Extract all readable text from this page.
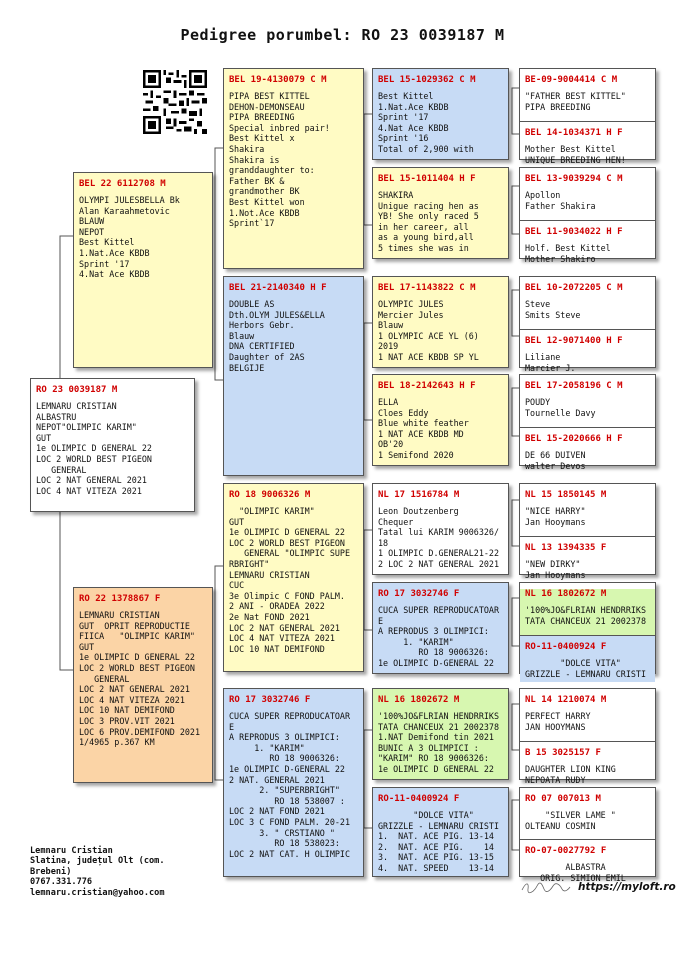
Pedigree porumbel: RO 23 0039187 M
RO 23 0039187 M
LEMNARU CRISTIAN
ALBASTRU
NEPOT"OLIMPIC KARIM"
GUT
1e OLIMPIC D GENERAL 22
LOC 2 WORLD BEST PIGEON
GENERAL
LOC 2 NAT GENERAL 2021
LOC 4 NAT VITEZA 2021
BEL 22 6112708 M
OLYMPI JULESBELLA Bk
Alan Karaahmetovic
BLAUW
NEPOT
Best Kittel
1.Nat.Ace KBDB
Sprint '17
4.Nat Ace KBDB
RO 22 1378867 F
LEMNARU CRISTIAN
GUT  OPRIT REPRODUCTIE
FIICA   "OLIMPIC KARIM"
GUT
1e OLIMPIC D GENERAL 22
LOC 2 WORLD BEST PIGEON
GENERAL
LOC 2 NAT GENERAL 2021
LOC 4 NAT VITEZA 2021
LOC 10 NAT DEMIFOND
LOC 3 PROV.VIT 2021
LOC 6 PROV.DEMIFOND 2021
1/4965 p.367 KM
BEL 19-4130079 C M
PIPA BEST KITTEL
DEHON-DEMONSEAU
PIPA BREEDING
Special inbred pair!
Best Kittel x
Shakira
Shakira is
granddaughter to:
Father BK &
grandmother BK
Best Kittel won
1.Not.Ace KBDB
Sprint`17
BEL 21-2140340 H F
DOUBLE AS
Dth.OLYM JULES&ELLA
Herbors Gebr.
Blauw
DNA CERTIFIED
Daughter of 2AS
BELGIJE
RO 18 9006326 M
"OLIMPIC KARIM"
GUT
1e OLIMPIC D GENERAL 22
LOC 2 WORLD BEST PIGEON
GENERAL "OLIMPIC SUPE
RBRIGHT"
LEMNARU CRISTIAN
CUC
3e Olimpic C FOND PALM.
2 ANI - ORADEA 2022
2e Nat FOND 2021
LOC 2 NAT GENERAL 2021
LOC 4 NAT VITEZA 2021
LOC 10 NAT DEMIFOND
RO 17 3032746 F
CUCA SUPER REPRODUCATOAR
E
A REPRODUS 3 OLIMPICI:
1. "KARIM"
RO 18 9006326:
1e OLIMPIC D-GENERAL 22
2 NAT. GENERAL 2021
2. "SUPERBRIGHT"
RO 18 538007 :
LOC 2 NAT FOND 2021
LOC 3 C FOND PALM. 20-21
3. " CRSTIANO "
RO 18 538023:
LOC 2 NAT CAT. H OLIMPIC
BEL 15-1029362 C M
Best Kittel
1.Nat.Ace KBDB
Sprint '17
4.Nat Ace KBDB
Sprint '16
Total of 2,900 with
BEL 15-1011404 H F
SHAKIRA
Unigue racing hen as
YB! She only raced 5
in her career, all
as a young bird,all
5 times she was in
BEL 17-1143822 C M
OLYMPIC JULES
Mercier Jules
Blauw
1 OLYMPIC ACE YL (6)
2019
1 NAT ACE KBDB SP YL
BEL 18-2142643 H F
ELLA
Cloes Eddy
Blue white feather
1 NAT ACE KBDB MD
OB'20
1 Semifond 2020
NL 17 1516784 M
Leon Doutzenberg
Chequer
Tatal lui KARIM 9006326/
18
1 OLIMPIC D.GENERAL21-22
2 LOC 2 NAT GENERAL 2021
RO 17 3032746 F
CUCA SUPER REPRODUCATOAR
E
A REPRODUS 3 OLIMPICI:
1. "KARIM"
RO 18 9006326:
1e OLIMPIC D-GENERAL 22
NL 16 1802672 M
'100%JO&FLRIAN HENDRRIKS
TATA CHANCEUX 21 2002378
1.NAT Demifond tin 2021
BUNIC A 3 OLIMPICI :
"KARIM" RO 18 9006326:
1e OLIMPIC D GENERAL 22
RO-11-0400924 F
"DOLCE VITA"
GRIZZLE - LEMNARU CRISTI
1.  NAT. ACE PIG. 13-14
2.  NAT. ACE PIG.    14
3.  NAT. ACE PIG. 13-15
4.  NAT. SPEED    13-14
BE-09-9004414 C M
"FATHER BEST KITTEL"
PIPA BREEDING
BEL 14-1034371 H F
Mother Best Kittel
UNIQUE BREEDING HEN!
BEL 13-9039294 C M
Apollon
Father Shakira
BEL 11-9034022 H F
Holf. Best Kittel
Mother Shakiro
BEL 10-2072205 C M
Steve
Smits Steve
BEL 12-9071400 H F
Liliane
Marcier J.
BEL 17-2058196 C M
POUDY
Tournelle Davy
BEL 15-2020666 H F
DE 66 DUIVEN
walter Devos
NL 15 1850145 M
"NICE HARRY"
Jan Hooymans
NL 13 1394335 F
"NEW DIRKY"
Jan Hooymans
NL 16 1802672 M
'100%JO&FLRIAN HENDRRIKS
TATA CHANCEUX 21 2002378
RO-11-0400924 F
"DOLCE VITA"
GRIZZLE - LEMNARU CRISTI
NL 14 1210074 M
PERFECT HARRY
JAN HOOYMANS
B 15 3025157 F
DAUGHTER LION KING
NEPOATA RUDY
RO 07 007013 M
"SILVER LAME "
OLTEANU COSMIN
RO-07-0027792 F
ALBASTRA
ORIG. SIMION EMIL
Lemnaru Cristian
Slatina, județul Olt (com.
Brebeni)
0767.331.776
lemnaru.cristian@yahoo.com	https://myloft.ro
